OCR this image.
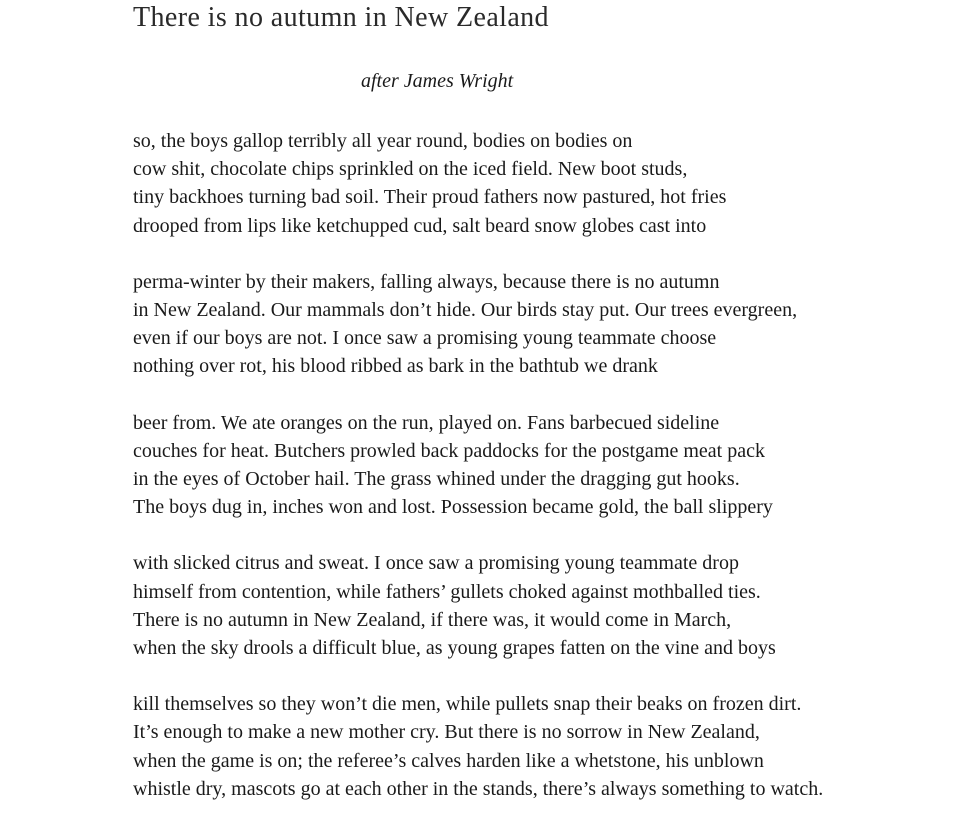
There is no autumn in New Zealand
after James Wright
so, the boys gallop terribly all year round, bodies on bodies on
cow shit, chocolate chips sprinkled on the iced field. New boot studs,
tiny backhoes turning bad soil. Their proud fathers now pastured, hot fries
drooped from lips like ketchupped cud, salt beard snow globes cast into
perma-winter by their makers, falling always, because there is no autumn
in New Zealand. Our mammals don’t hide. Our birds stay put. Our trees evergreen,
even if our boys are not. I once saw a promising young teammate choose
nothing over rot, his blood ribbed as bark in the bathtub we drank
beer from. We ate oranges on the run, played on. Fans barbecued sideline
couches for heat. Butchers prowled back paddocks for the postgame meat pack
in the eyes of October hail. The grass whined under the dragging gut hooks.
The boys dug in, inches won and lost. Possession became gold, the ball slippery
with slicked citrus and sweat. I once saw a promising young teammate drop
himself from contention, while fathers’ gullets choked against mothballed ties.
There is no autumn in New Zealand, if there was, it would come in March,
when the sky drools a difficult blue, as young grapes fatten on the vine and boys
kill themselves so they won’t die men, while pullets snap their beaks on frozen dirt.
It’s enough to make a new mother cry. But there is no sorrow in New Zealand,
when the game is on; the referee’s calves harden like a whetstone, his unblown
whistle dry, mascots go at each other in the stands, there’s always something to watch.
